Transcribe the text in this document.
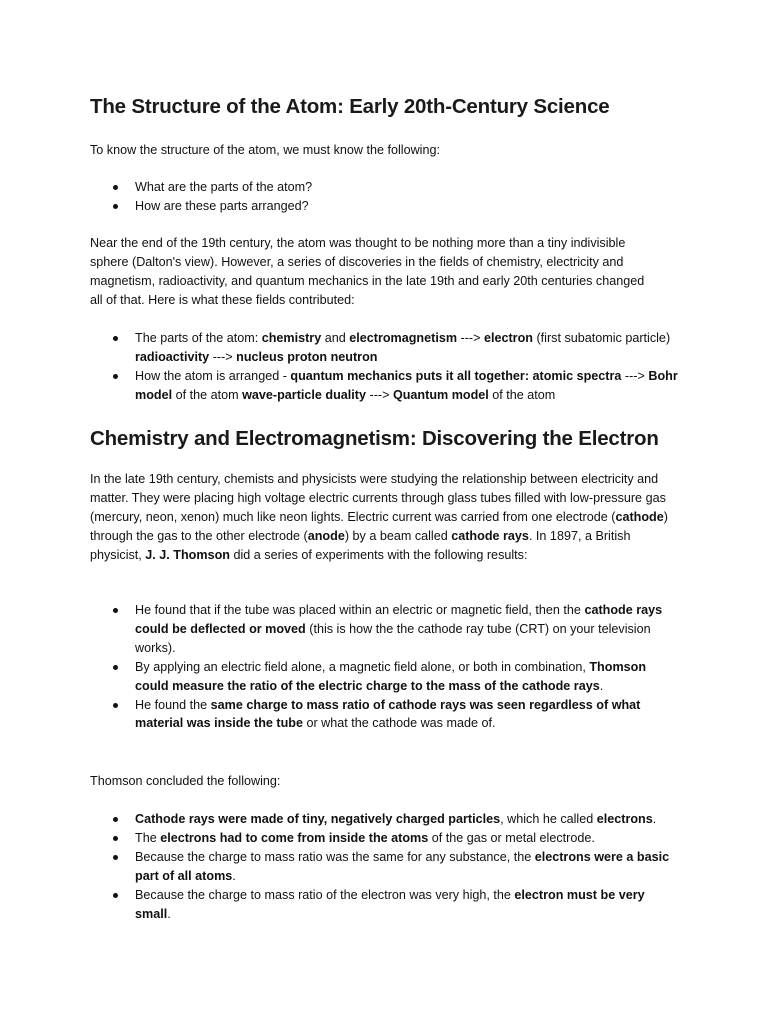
The Structure of the Atom: Early 20th-Century Science

To know the structure of the atom, we must know the following:

What are the parts of the atom?
How are these parts arranged?

Near the end of the 19th century, the atom was thought to be nothing more than a tiny indivisible sphere (Dalton's view). However, a series of discoveries in the fields of chemistry, electricity and magnetism, radioactivity, and quantum mechanics in the late 19th and early 20th centuries changed all of that. Here is what these fields contributed:

The parts of the atom: chemistry and electromagnetism ---> electron (first subatomic particle) radioactivity ---> nucleus proton neutron
How the atom is arranged - quantum mechanics puts it all together: atomic spectra ---> Bohr model of the atom wave-particle duality ---> Quantum model of the atom
Chemistry and Electromagnetism: Discovering the Electron

In the late 19th century, chemists and physicists were studying the relationship between electricity and matter. They were placing high voltage electric currents through glass tubes filled with low-pressure gas (mercury, neon, xenon) much like neon lights. Electric current was carried from one electrode (cathode) through the gas to the other electrode (anode) by a beam called cathode rays. In 1897, a British physicist, J. J. Thomson did a series of experiments with the following results:

He found that if the tube was placed within an electric or magnetic field, then the cathode rays could be deflected or moved (this is how the the cathode ray tube (CRT) on your television works).
By applying an electric field alone, a magnetic field alone, or both in combination, Thomson could measure the ratio of the electric charge to the mass of the cathode rays.
He found the same charge to mass ratio of cathode rays was seen regardless of what material was inside the tube or what the cathode was made of.

Thomson concluded the following:

Cathode rays were made of tiny, negatively charged particles, which he called electrons.
The electrons had to come from inside the atoms of the gas or metal electrode.
Because the charge to mass ratio was the same for any substance, the electrons were a basic part of all atoms.
Because the charge to mass ratio of the electron was very high, the electron must be very small.
